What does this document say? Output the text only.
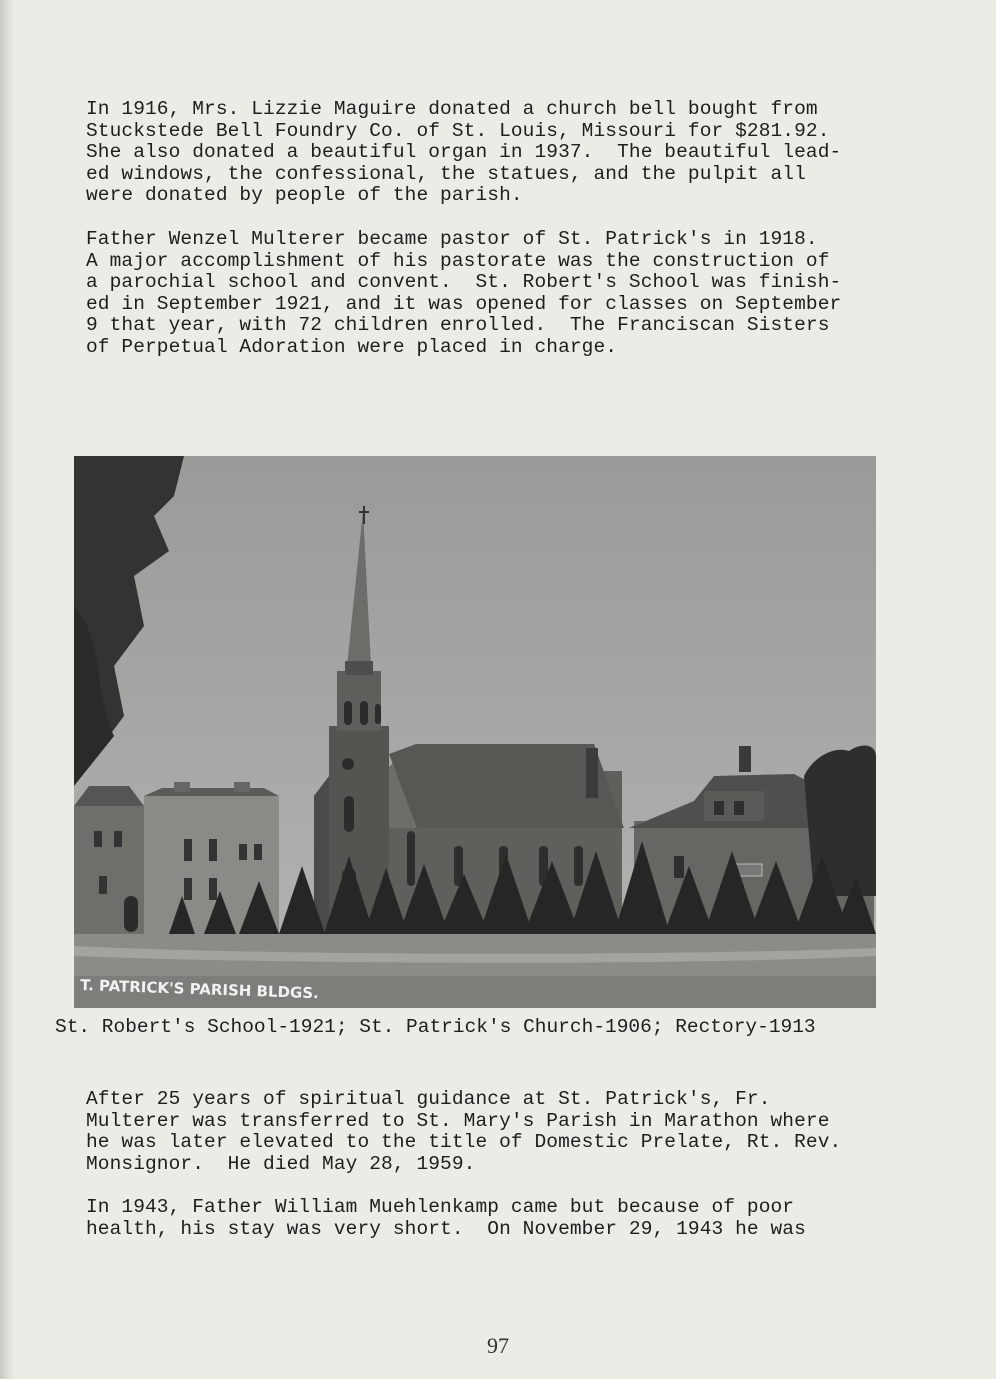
In 1916, Mrs. Lizzie Maguire donated a church bell bought from
Stuckstede Bell Foundry Co. of St. Louis, Missouri for $281.92.
She also donated a beautiful organ in 1937.  The beautiful lead-
ed windows, the confessional, the statues, and the pulpit all
were donated by people of the parish.
Father Wenzel Multerer became pastor of St. Patrick's in 1918.
A major accomplishment of his pastorate was the construction of
a parochial school and convent.  St. Robert's School was finish-
ed in September 1921, and it was opened for classes on September
9 that year, with 72 children enrolled.  The Franciscan Sisters
of Perpetual Adoration were placed in charge.
T. PATRICK'S PARISH BLDGS.

St. Robert's School-1921; St. Patrick's Church-1906; Rectory-1913

After 25 years of spiritual guidance at St. Patrick's, Fr.
Multerer was transferred to St. Mary's Parish in Marathon where
he was later elevated to the title of Domestic Prelate, Rt. Rev.
Monsignor.  He died May 28, 1959.
In 1943, Father William Muehlenkamp came but because of poor
health, his stay was very short.  On November 29, 1943 he was
97
